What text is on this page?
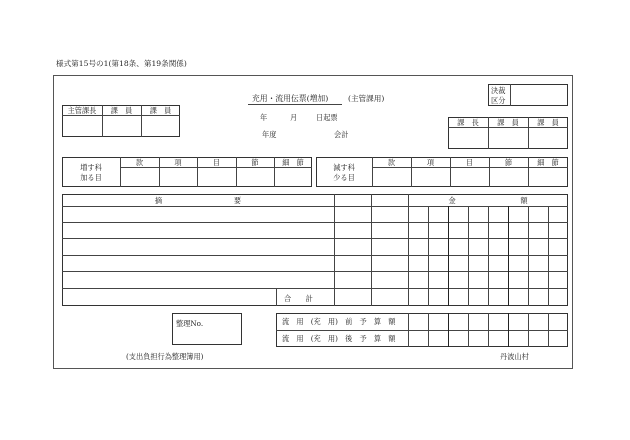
様式第15号の1(第18条、第19条関係)
充用・流用伝票(増加)	(主管課用)
年	月	日起票
年度	会計
決裁
区分
主管課長	課　員	課　員
課　長	課　員	課　員
増す科
加る目
款	項	目	節	細　節
減す科
少る目
款	項	目	節	細　節
摘　　　　　　　　　　要	金　　　　　　　　　額
合　　計
整理No.	流　用　(充　用)　前　予　算　額
流　用　(充　用)　後　予　算　額
(支出負担行為整理簿用)	丹波山村
